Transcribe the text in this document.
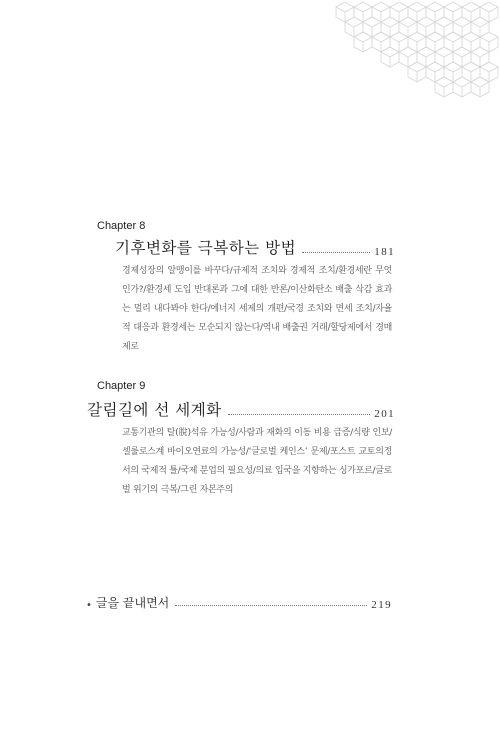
Chapter 8
기후변화를 극복하는 방법	181
경제성장의 알맹이를 바꾸다/규제적 조치와 경제적 조치/환경세란 무엇인가?/환경세 도입 반대론과 그에 대한 반론/이산화탄소 배출 삭감 효과는 멀리 내다봐야 한다/에너지 세제의 개편/국경 조치와 면세 조치/자율적 대응과 환경세는 모순되지 않는다/역내 배출권 거래/할당제에서 경매제로
Chapter 9
갈림길에 선 세계화	201
교통기관의 탈(脫)석유 가능성/사람과 재화의 이동 비용 급증/식량 인보/셀룰로스계 바이오연료의 가능성/‘글로벌 케인스’ 문제/포스트 교토의정서의 국제적 틀/국제 분업의 필요성/의료 입국을 지향하는 싱가포르/글로벌 위기의 극복/그린 자본주의
• 글을 끝내면서	219
